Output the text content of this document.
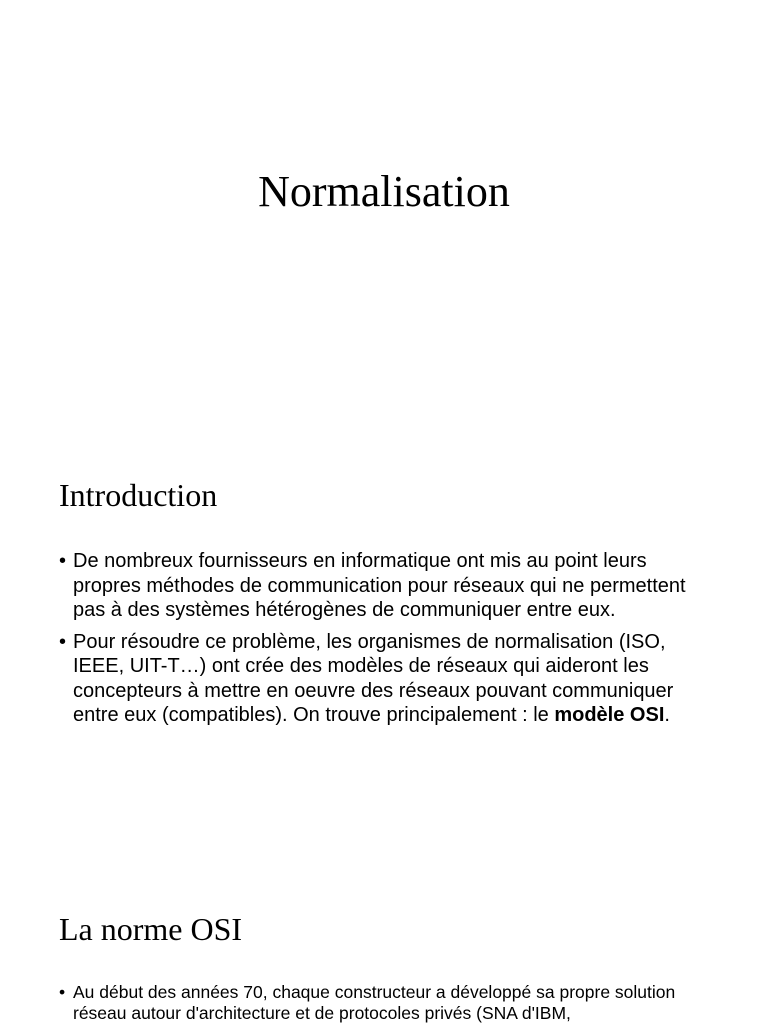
Normalisation
Introduction
• De nombreux fournisseurs en informatique ont mis au point leurs propres méthodes de communication pour réseaux qui ne permettent pas à des systèmes hétérogènes de communiquer entre eux.
• Pour résoudre ce problème, les organismes de normalisation (ISO, IEEE, UIT-T…) ont crée des modèles de réseaux qui aideront les concepteurs à mettre en oeuvre des réseaux pouvant communiquer entre eux (compatibles). On trouve principalement : le modèle OSI.
La norme OSI
• Au début des années 70, chaque constructeur a développé sa propre solution réseau autour d'architecture et de protocoles privés (SNA d'IBM,
